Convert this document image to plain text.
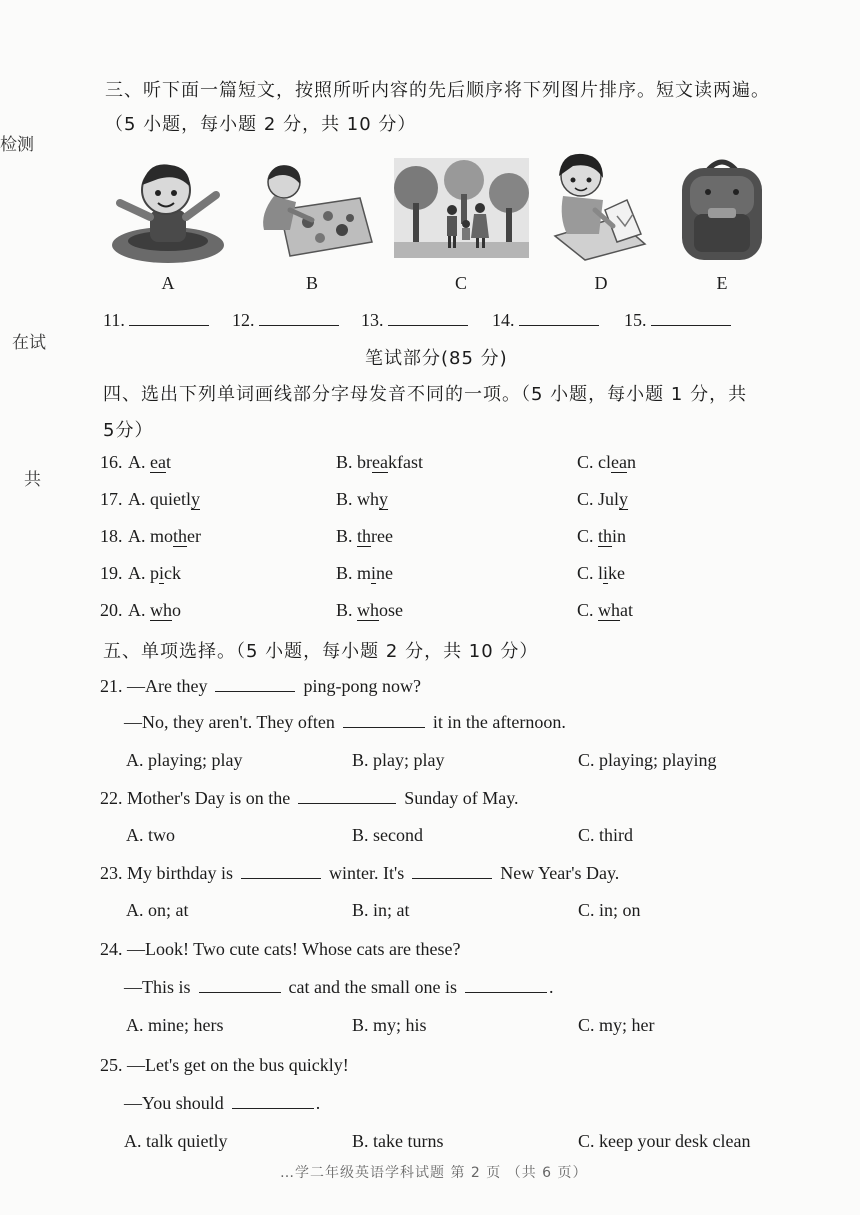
检测
在试
共
三、听下面一篇短文，按照所听内容的先后顺序将下列图片排序。短文读两遍。
（5 小题，每小题 2 分，共 10 分）
A	B	C	D	E
11.	12.	13.	14.	15.
笔试部分(85 分)
四、选出下列单词画线部分字母发音不同的一项。（5 小题，每小题 1 分，共
5分）
16. A. eat	B. breakfast	C. clean
17. A. quietly	B. why	C. July
18. A. mother	B. three	C. thin
19. A. pick	B. mine	C. like
20. A. who	B. whose	C. what
五、单项选择。（5 小题，每小题 2 分，共 10 分）
21. —Are they	ping-pong now?
—No, they aren't. They often	it in the afternoon.
A. playing; play	B. play; play	C. playing; playing
22. Mother's Day is on the	Sunday of May.
A. two	B. second	C. third
23. My birthday is	winter. It's	New Year's Day.
A. on; at	B. in; at	C. in; on
24. —Look! Two cute cats! Whose cats are these?
—This is	cat and the small one is	.
A. mine; hers	B. my; his	C. my; her
25. —Let's get on the bus quickly!
—You should	.
A. talk quietly	B. take turns	C. keep your desk clean
…学二年级英语学科试题 第 2 页 （共 6 页）
